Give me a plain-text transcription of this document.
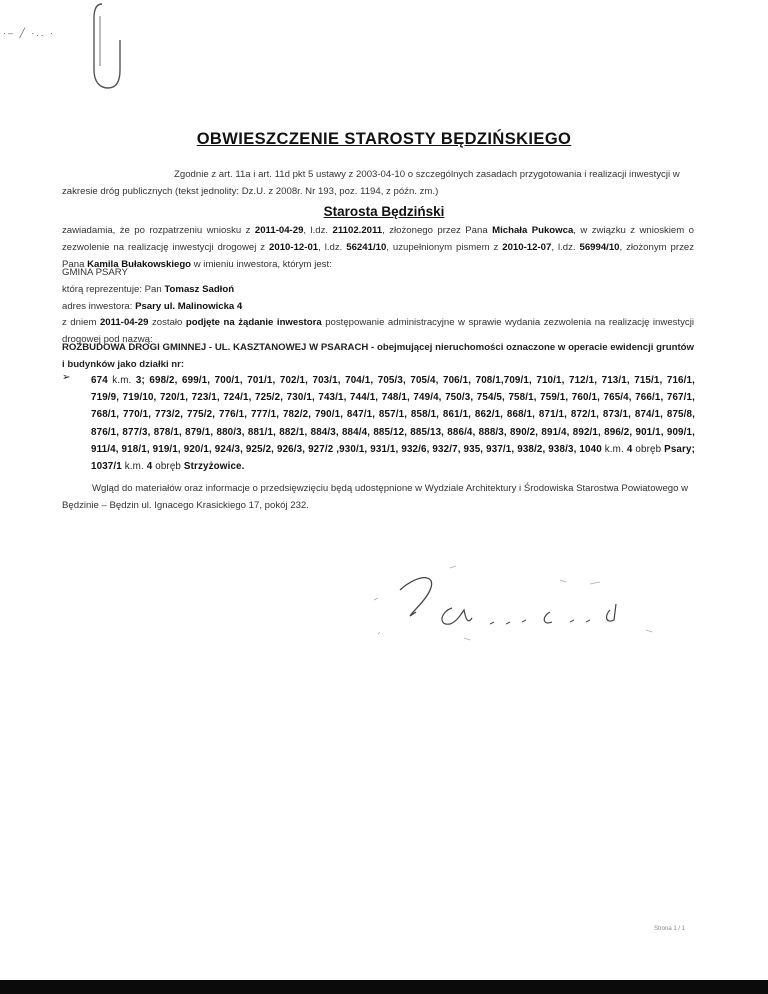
·– ╱ ·.. ·
OBWIESZCZENIE STAROSTY BĘDZIŃSKIEGO
Zgodnie z art. 11a i art. 11d pkt 5 ustawy z 2003-04-10 o szczególnych zasadach przygotowania i realizacji inwestycji w zakresie dróg publicznych (tekst jednolity: Dz.U. z 2008r. Nr 193, poz. 1194, z późn. zm.)
Starosta Będziński
zawiadamia, że po rozpatrzeniu wniosku z 2011-04-29, l.dz. 21102.2011, złożonego przez Pana Michała Pukowca, w związku z wnioskiem o zezwolenie na realizację inwestycji drogowej z 2010-12-01, l.dz. 56241/10, uzupełnionym pismem z 2010-12-07, l.dz. 56994/10, złożonym przez Pana Kamila Bułakowskiego w imieniu inwestora, którym jest:
GMINA PSARY
którą reprezentuje: Pan Tomasz Sadłoń
adres inwestora: Psary ul. Malinowicka 4
z dniem 2011-04-29 zostało podjęte na żądanie inwestora postępowanie administracyjne w sprawie wydania zezwolenia na realizację inwestycji drogowej pod nazwą:
ROZBUDOWA DROGI GMINNEJ - UL. KASZTANOWEJ W PSARACH - obejmującej nieruchomości oznaczone w operacie ewidencji gruntów i budynków jako działki nr:
➢ 674 k.m. 3; 698/2, 699/1, 700/1, 701/1, 702/1, 703/1, 704/1, 705/3, 705/4, 706/1, 708/1,709/1, 710/1, 712/1, 713/1, 715/1, 716/1, 719/9, 719/10, 720/1, 723/1, 724/1, 725/2, 730/1, 743/1, 744/1, 748/1, 749/4, 750/3, 754/5, 758/1, 759/1, 760/1, 765/4, 766/1, 767/1, 768/1, 770/1, 773/2, 775/2, 776/1, 777/1, 782/2, 790/1, 847/1, 857/1, 858/1, 861/1, 862/1, 868/1, 871/1, 872/1, 873/1, 874/1, 875/8, 876/1, 877/3, 878/1, 879/1, 880/3, 881/1, 882/1, 884/3, 884/4, 885/12, 885/13, 886/4, 888/3, 890/2, 891/4, 892/1, 896/2, 901/1, 909/1, 911/4, 918/1, 919/1, 920/1, 924/3, 925/2, 926/3, 927/2 ,930/1, 931/1, 932/6, 932/7, 935, 937/1, 938/2, 938/3, 1040 k.m. 4 obręb Psary; 1037/1 k.m. 4 obręb Strzyżowice.
Wgląd do materiałów oraz informacje o przedsięwzięciu będą udostępnione w Wydziale Architektury i Środowiska Starostwa Powiatowego w Będzinie – Będzin ul. Ignacego Krasickiego 17, pokój 232.
Strona 1 / 1
